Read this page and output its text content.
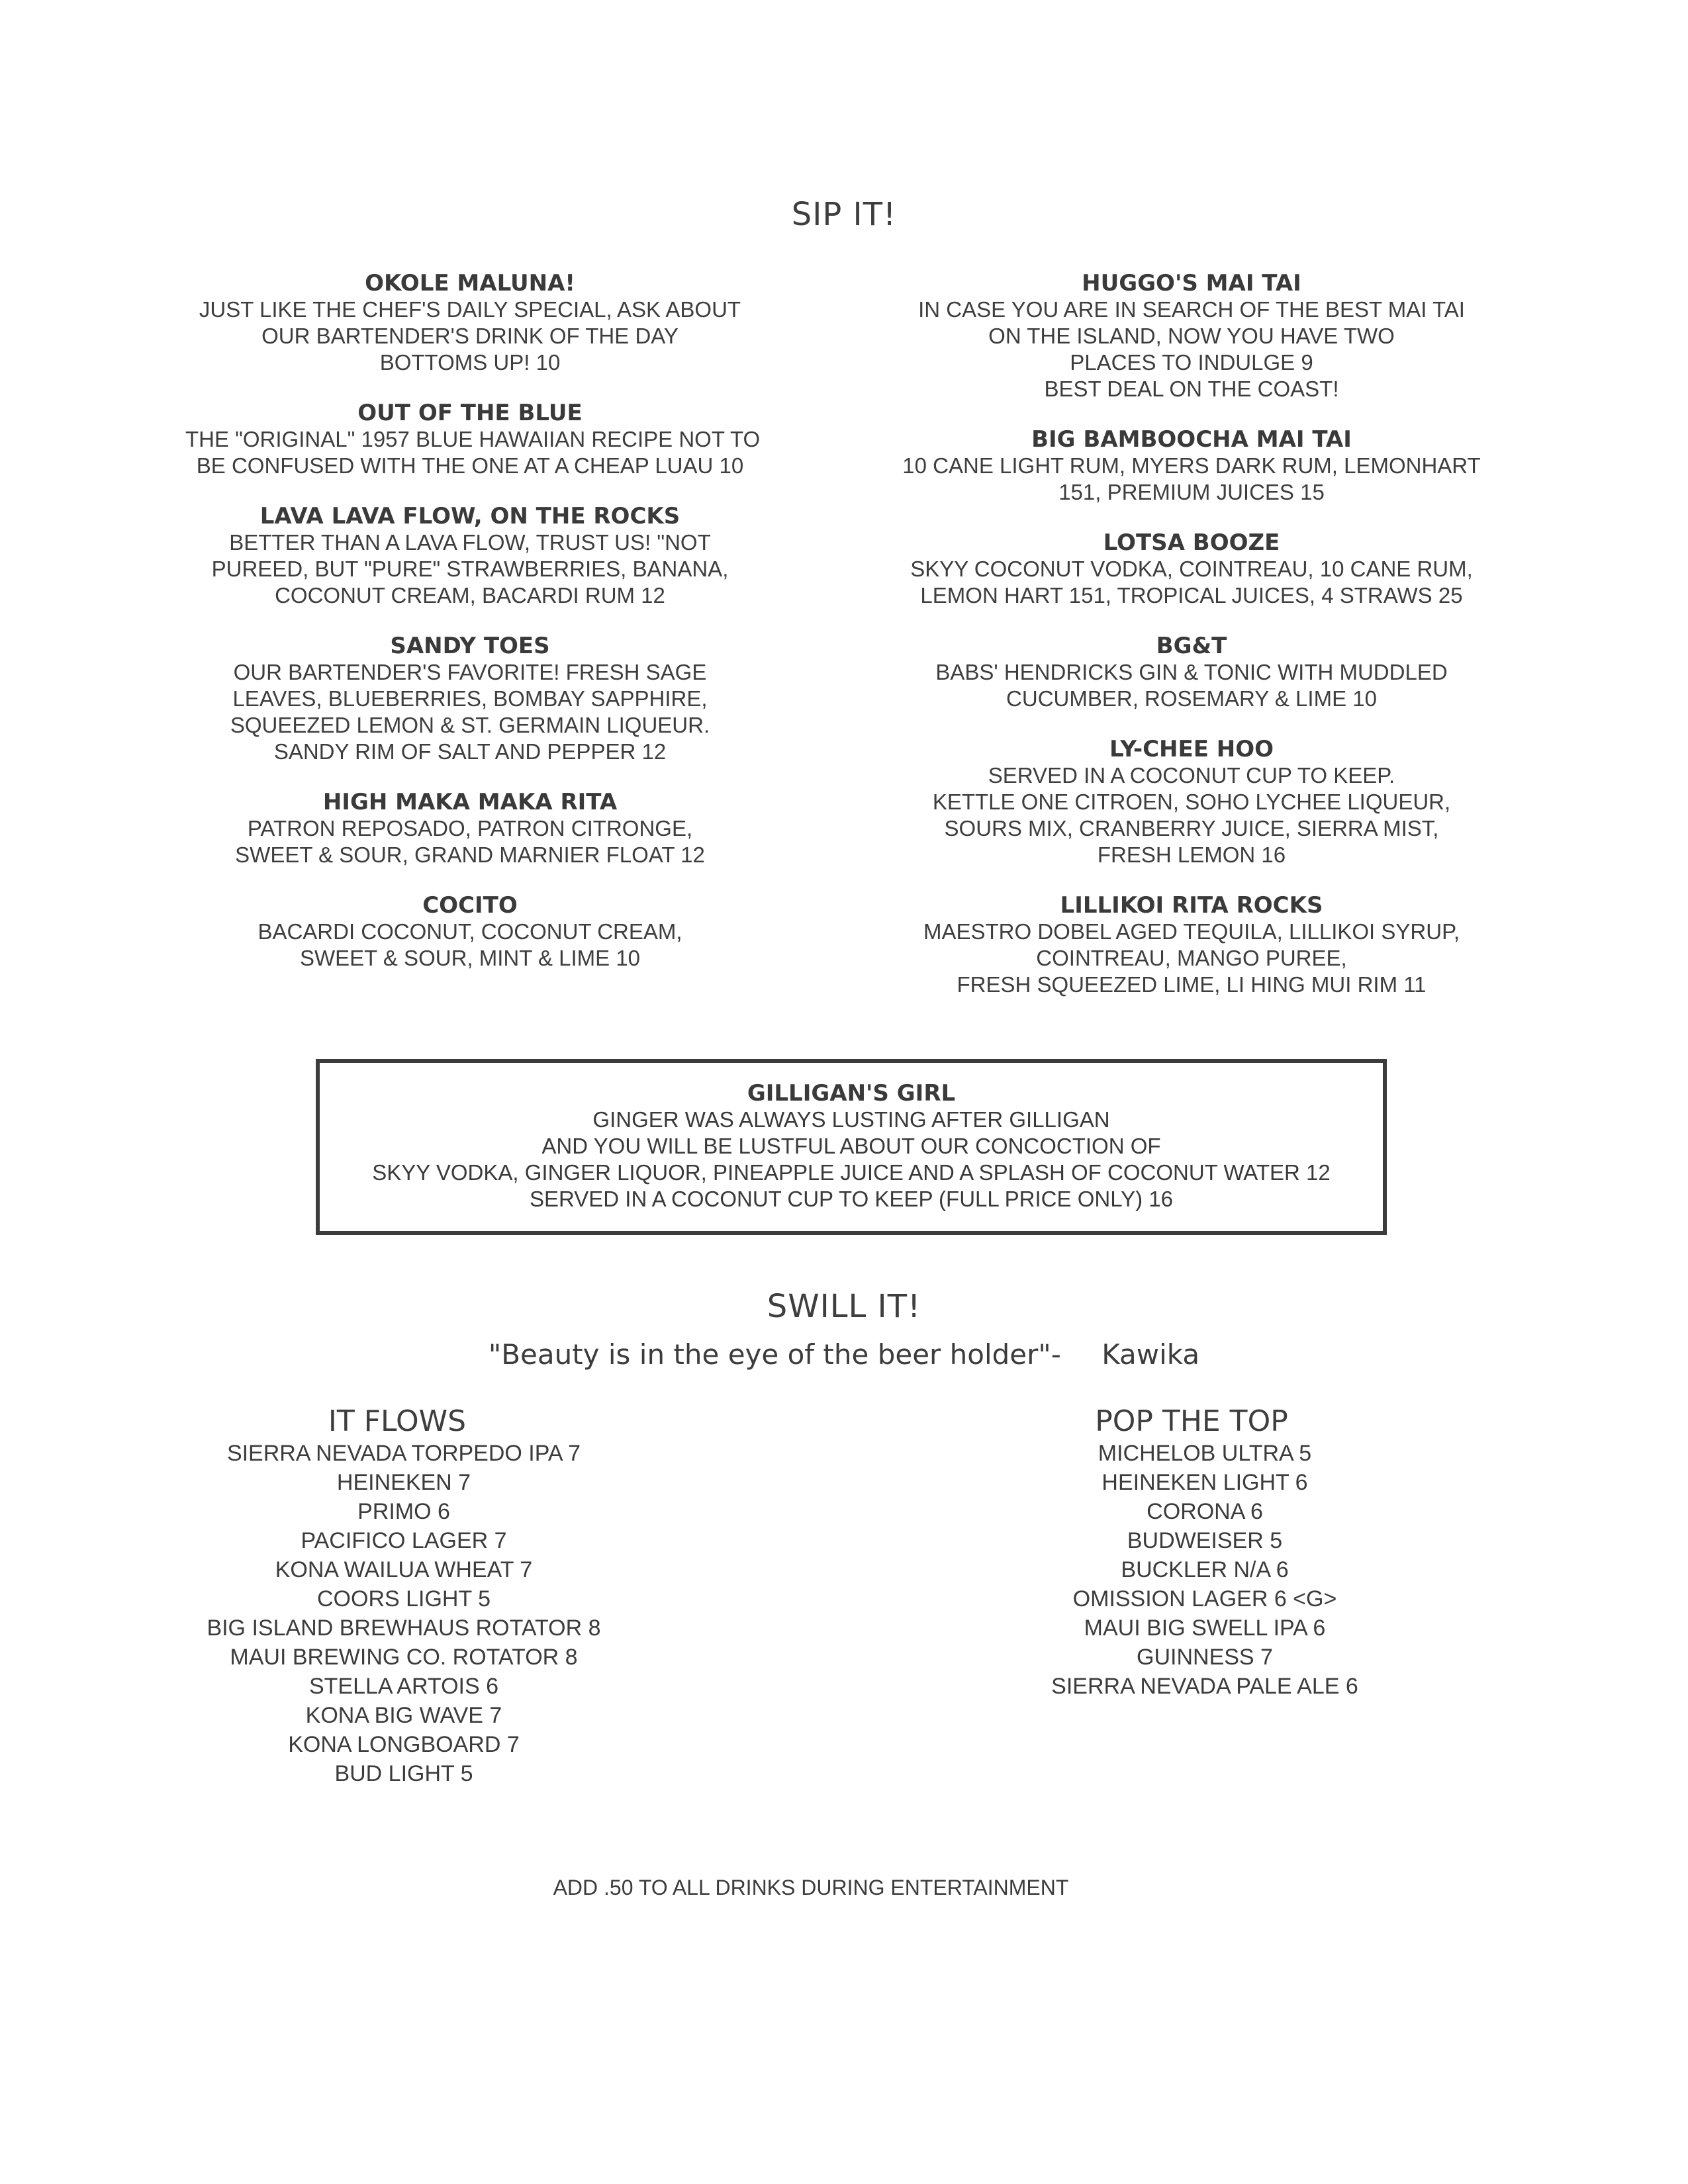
SIP IT!
OKOLE MALUNA!
JUST LIKE THE CHEF'S DAILY SPECIAL, ASK ABOUT
OUR BARTENDER'S DRINK OF THE DAY
BOTTOMS UP! 10
OUT OF THE BLUE
THE "ORIGINAL" 1957 BLUE HAWAIIAN RECIPE NOT TO
BE CONFUSED WITH THE ONE AT A CHEAP LUAU 10
LAVA LAVA FLOW, ON THE ROCKS
BETTER THAN A LAVA FLOW, TRUST US! "NOT
PUREED, BUT "PURE" STRAWBERRIES, BANANA,
COCONUT CREAM, BACARDI RUM 12
SANDY TOES
OUR BARTENDER'S FAVORITE! FRESH SAGE
LEAVES, BLUEBERRIES, BOMBAY SAPPHIRE,
SQUEEZED LEMON & ST. GERMAIN LIQUEUR.
SANDY RIM OF SALT AND PEPPER 12
HIGH MAKA MAKA RITA
PATRON REPOSADO, PATRON CITRONGE,
SWEET & SOUR, GRAND MARNIER FLOAT 12
COCITO
BACARDI COCONUT, COCONUT CREAM,
SWEET & SOUR, MINT & LIME 10
HUGGO'S MAI TAI
IN CASE YOU ARE IN SEARCH OF THE BEST MAI TAI
ON THE ISLAND, NOW YOU HAVE TWO
PLACES TO INDULGE 9
BEST DEAL ON THE COAST!
BIG BAMBOOCHA MAI TAI
10 CANE LIGHT RUM, MYERS DARK RUM, LEMONHART
151, PREMIUM JUICES 15
LOTSA BOOZE
SKYY COCONUT VODKA, COINTREAU, 10 CANE RUM,
LEMON HART 151, TROPICAL JUICES, 4 STRAWS 25
BG&T
BABS' HENDRICKS GIN & TONIC WITH MUDDLED
CUCUMBER, ROSEMARY & LIME 10
LY-CHEE HOO
SERVED IN A COCONUT CUP TO KEEP.
KETTLE ONE CITROEN, SOHO LYCHEE LIQUEUR,
SOURS MIX, CRANBERRY JUICE, SIERRA MIST,
FRESH LEMON 16
LILLIKOI RITA ROCKS
MAESTRO DOBEL AGED TEQUILA, LILLIKOI SYRUP,
COINTREAU, MANGO PUREE,
FRESH SQUEEZED LIME, LI HING MUI RIM 11
GILLIGAN'S GIRL
GINGER WAS ALWAYS LUSTING AFTER GILLIGAN
AND YOU WILL BE LUSTFUL ABOUT OUR CONCOCTION OF
SKYY VODKA, GINGER LIQUOR, PINEAPPLE JUICE AND A SPLASH OF COCONUT WATER 12
SERVED IN A COCONUT CUP TO KEEP (FULL PRICE ONLY) 16
SWILL IT!
"Beauty is in the eye of the beer holder"- Kawika
IT FLOWS	POP THE TOP
SIERRA NEVADA TORPEDO IPA 7
HEINEKEN 7
PRIMO 6
PACIFICO LAGER 7
KONA WAILUA WHEAT 7
COORS LIGHT 5
BIG ISLAND BREWHAUS ROTATOR 8
MAUI BREWING CO. ROTATOR 8
STELLA ARTOIS 6
KONA BIG WAVE 7
KONA LONGBOARD 7
BUD LIGHT 5
MICHELOB ULTRA 5
HEINEKEN LIGHT 6
CORONA 6
BUDWEISER 5
BUCKLER N/A 6
OMISSION LAGER 6 <G>
MAUI BIG SWELL IPA 6
GUINNESS 7
SIERRA NEVADA PALE ALE 6
ADD .50 TO ALL DRINKS DURING ENTERTAINMENT
